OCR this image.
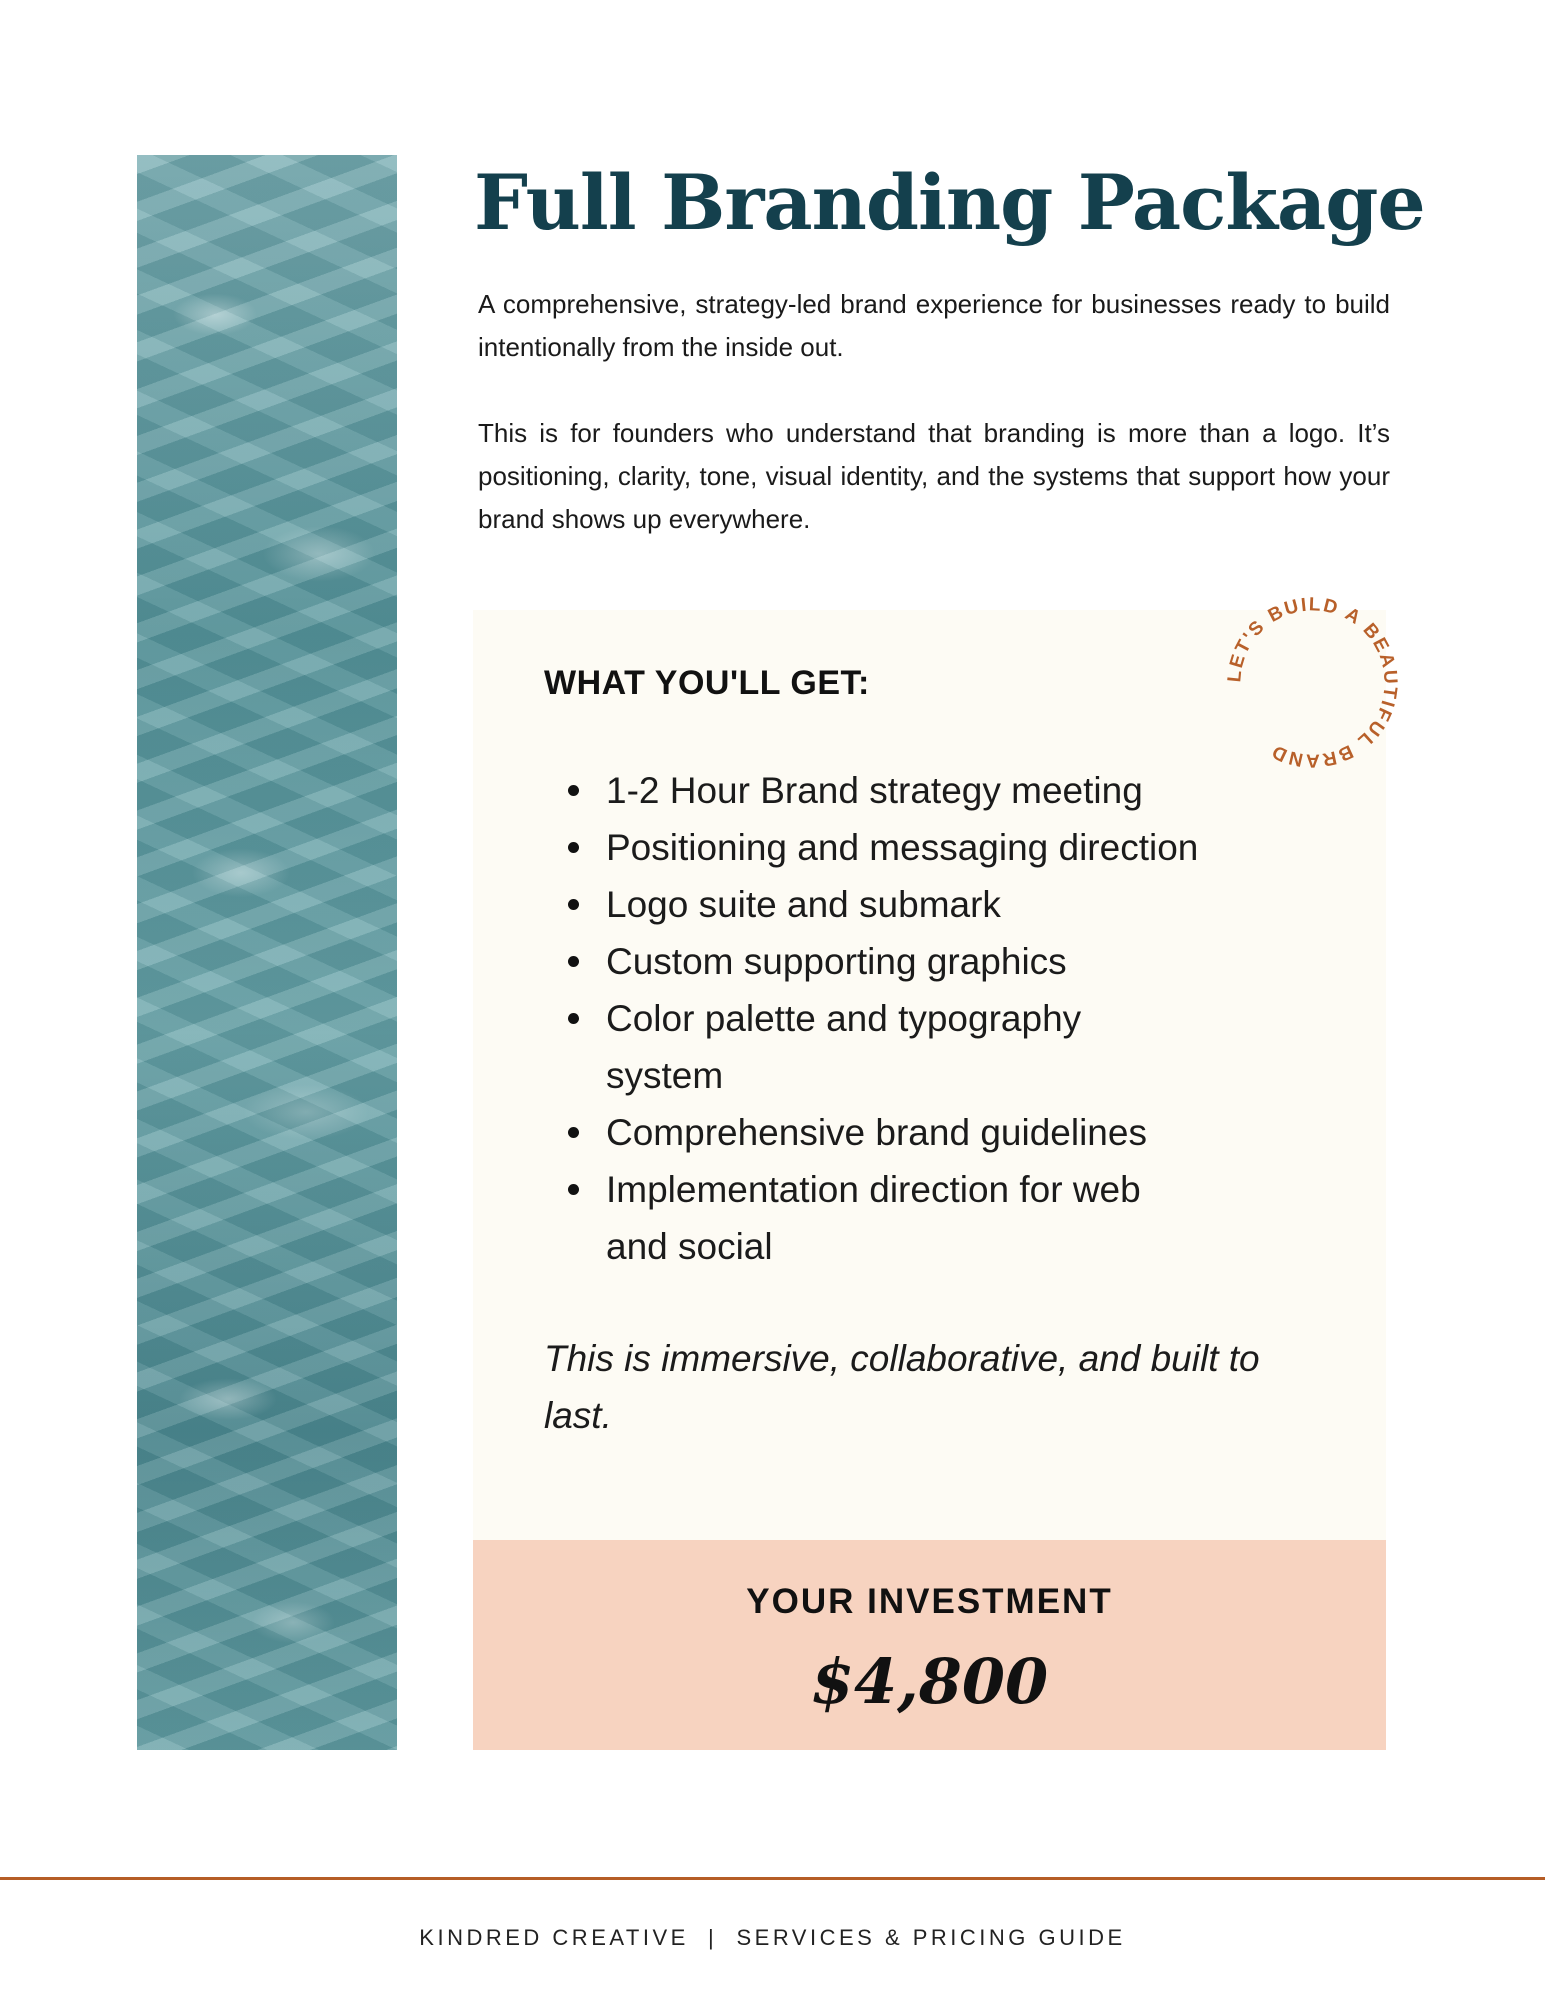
Full Branding Package

A comprehensive, strategy-led brand experience for businesses ready to build intentionally from the inside out.

This is for founders who understand that branding is more than a logo. It’s positioning, clarity, tone, visual identity, and the systems that support how your brand shows up everywhere.

WHAT YOU'LL GET:
1-2 Hour Brand strategy meeting
Positioning and messaging direction
Logo suite and submark
Custom supporting graphics
Color palette and typography system
Comprehensive brand guidelines
Implementation direction for web and social

This is immersive, collaborative, and built to last.

YOUR INVESTMENT
$4,800
LET'S BUILD A BEAUTIFUL BRAND
KINDRED CREATIVE  |  SERVICES & PRICING GUIDE
